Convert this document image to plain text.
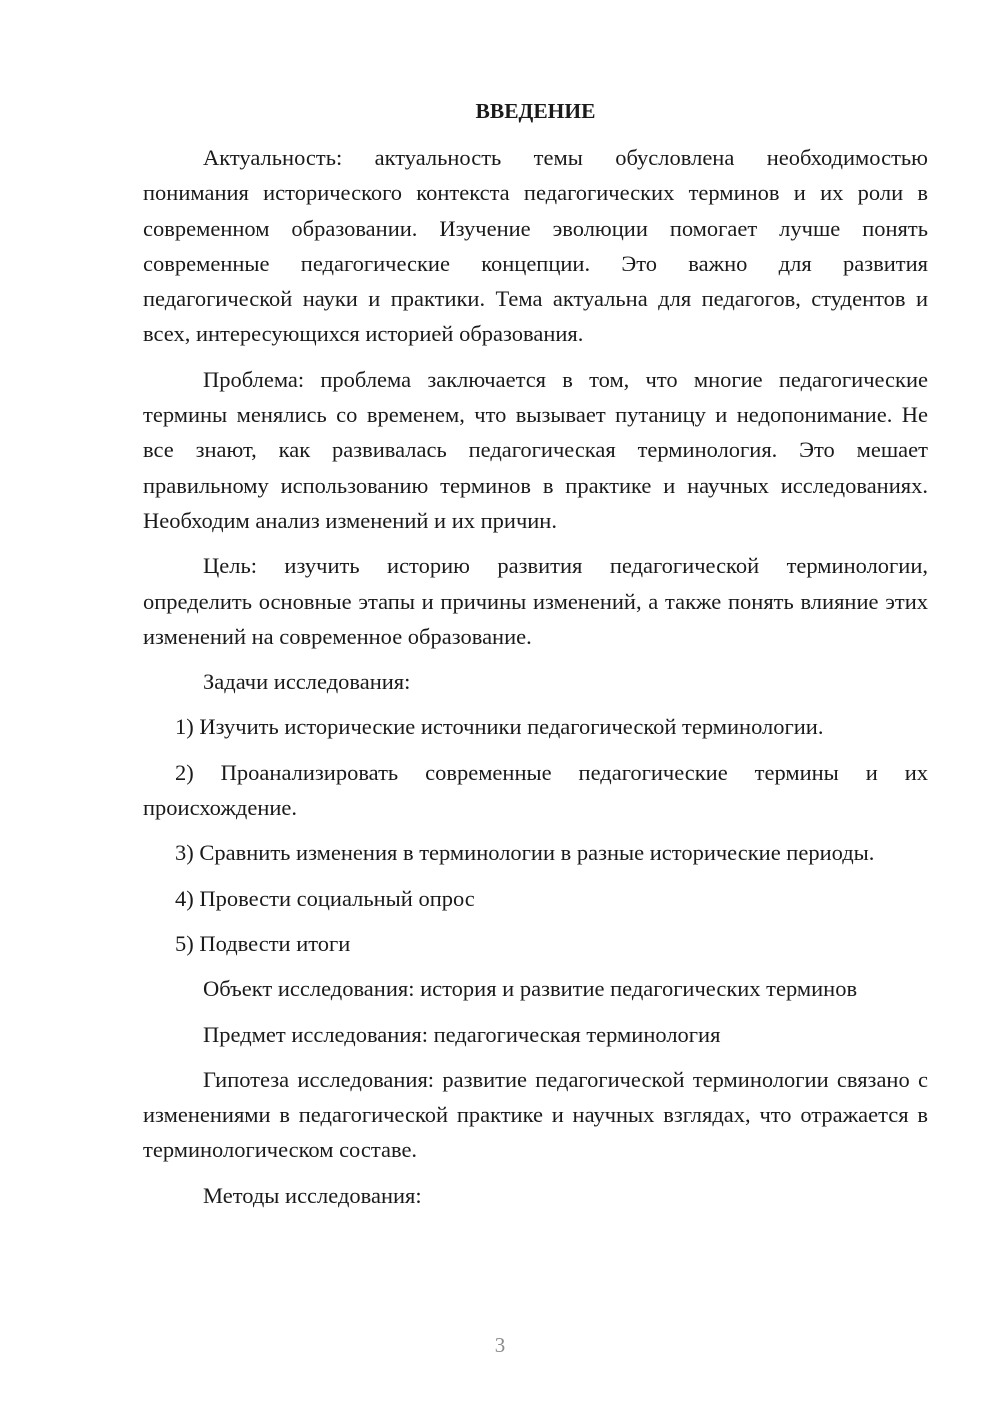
ВВЕДЕНИЕ

Актуальность: актуальность темы обусловлена необходимостью понимания исторического контекста педагогических терминов и их роли в современном образовании. Изучение эволюции помогает лучше понять современные педагогические концепции. Это важно для развития педагогической науки и практики. Тема актуальна для педагогов, студентов и всех, интересующихся историей образования.

Проблема: проблема заключается в том, что многие педагогические термины менялись со временем, что вызывает путаницу и недопонимание. Не все знают, как развивалась педагогическая терминология. Это мешает правильному использованию терминов в практике и научных исследованиях. Необходим анализ изменений и их причин.

Цель: изучить историю развития педагогической терминологии, определить основные этапы и причины изменений, а также понять влияние этих изменений на современное образование.

Задачи исследования:

1) Изучить исторические источники педагогической терминологии.

2) Проанализировать современные педагогические термины и их происхождение.

3) Сравнить изменения в терминологии в разные исторические периоды.

4) Провести социальный опрос

5) Подвести итоги

Объект исследования: история и развитие педагогических терминов

Предмет исследования: педагогическая терминология

Гипотеза исследования: развитие педагогической терминологии связано с изменениями в педагогической практике и научных взглядах, что отражается в терминологическом составе.

Методы исследования:

3
